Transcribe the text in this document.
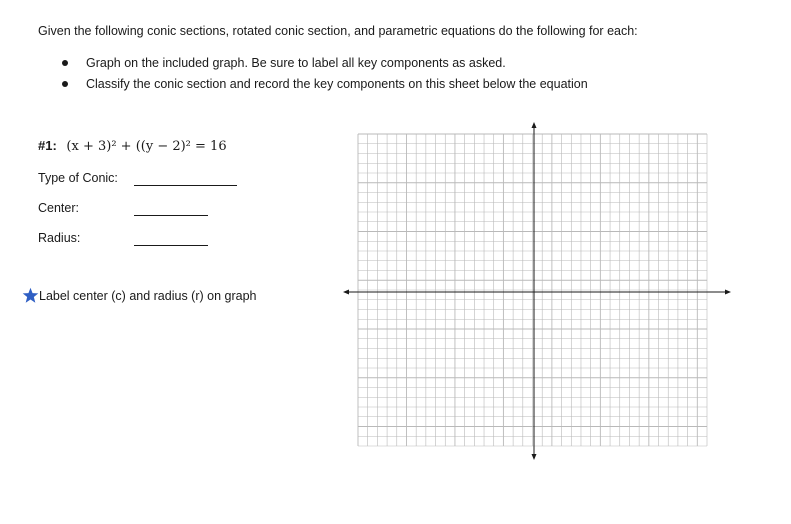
Given the following conic sections, rotated conic section, and parametric equations do the following for each:
Graph on the included graph. Be sure to label all key components as asked.
Classify the conic section and record the key components on this sheet below the equation
#1: (x + 3)² + ((y − 2)² = 16
Type of Conic:
Center:
Radius:
Label center (c) and radius (r) on graph
